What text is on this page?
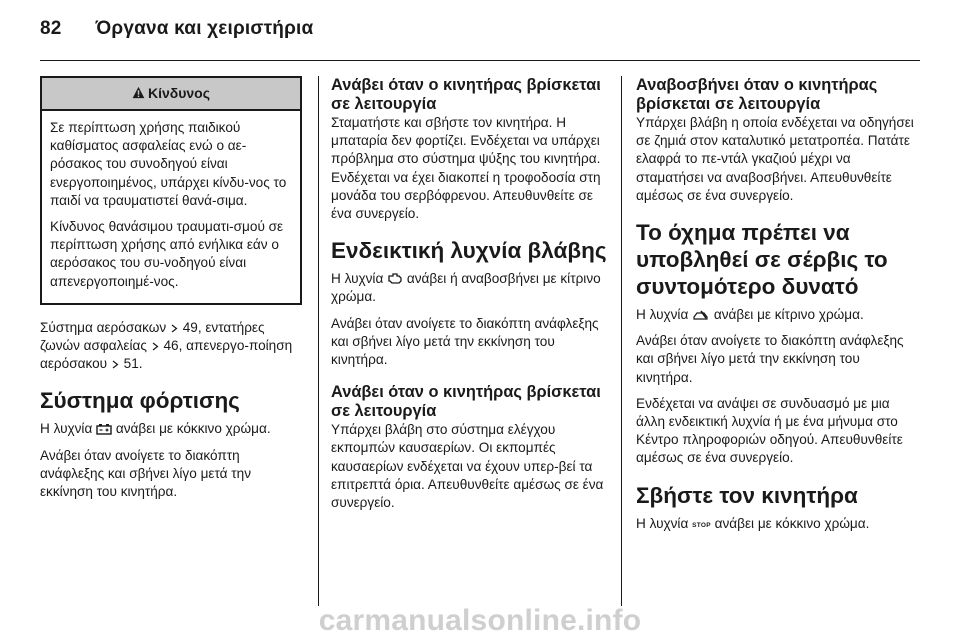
82 Όργανα και χειριστήρια
Κίνδυνος

Σε περίπτωση χρήσης παιδικού καθίσματος ασφαλείας ενώ ο αε-ρόσακος του συνοδηγού είναι ενεργοποιημένος, υπάρχει κίνδυ-νος το παιδί να τραυματιστεί θανά-σιμα.

Κίνδυνος θανάσιμου τραυματι-σμού σε περίπτωση χρήσης από ενήλικα εάν ο αερόσακος του συ-νοδηγού είναι απενεργοποιημέ-νος.

Σύστημα αερόσακων 49, εντατήρες ζωνών ασφαλείας 46, απενεργο-ποίηση αερόσακου 51.

Σύστημα φόρτισης

Η λυχνία ανάβει με κόκκινο χρώμα.

Ανάβει όταν ανοίγετε το διακόπτη ανάφλεξης και σβήνει λίγο μετά την εκκίνηση του κινητήρα.

Ανάβει όταν ο κινητήρας βρίσκεται σε λειτουργία

Σταματήστε και σβήστε τον κινητήρα. Η μπαταρία δεν φορτίζει. Ενδέχεται να υπάρχει πρόβλημα στο σύστημα ψύξης του κινητήρα. Ενδέχεται να έχει διακοπεί η τροφοδοσία στη μονάδα του σερβόφρενου. Απευθυνθείτε σε ένα συνεργείο.

Ενδεικτική λυχνία βλάβης

Η λυχνία ανάβει ή αναβοσβήνει με κίτρινο χρώμα.

Ανάβει όταν ανοίγετε το διακόπτη ανάφλεξης και σβήνει λίγο μετά την εκκίνηση του κινητήρα.

Ανάβει όταν ο κινητήρας βρίσκεται σε λειτουργία

Υπάρχει βλάβη στο σύστημα ελέγχου εκπομπών καυσαερίων. Οι εκπομπές καυσαερίων ενδέχεται να έχουν υπερ-βεί τα επιτρεπτά όρια. Απευθυνθείτε αμέσως σε ένα συνεργείο.

Αναβοσβήνει όταν ο κινητήρας βρίσκεται σε λειτουργία

Υπάρχει βλάβη η οποία ενδέχεται να οδηγήσει σε ζημιά στον καταλυτικό μετατροπέα. Πατάτε ελαφρά το πε-ντάλ γκαζιού μέχρι να σταματήσει να αναβοσβήνει. Απευθυνθείτε αμέσως σε ένα συνεργείο.

Το όχημα πρέπει να υποβληθεί σε σέρβις το συντομότερο δυνατό

Η λυχνία ανάβει με κίτρινο χρώμα.

Ανάβει όταν ανοίγετε το διακόπτη ανάφλεξης και σβήνει λίγο μετά την εκκίνηση του κινητήρα.

Ενδέχεται να ανάψει σε συνδυασμό με μια άλλη ενδεικτική λυχνία ή με ένα μήνυμα στο Κέντρο πληροφοριών οδηγού. Απευθυνθείτε αμέσως σε ένα συνεργείο.

Σβήστε τον κινητήρα

Η λυχνία STOP ανάβει με κόκκινο χρώμα.

carmanualsonline.info
